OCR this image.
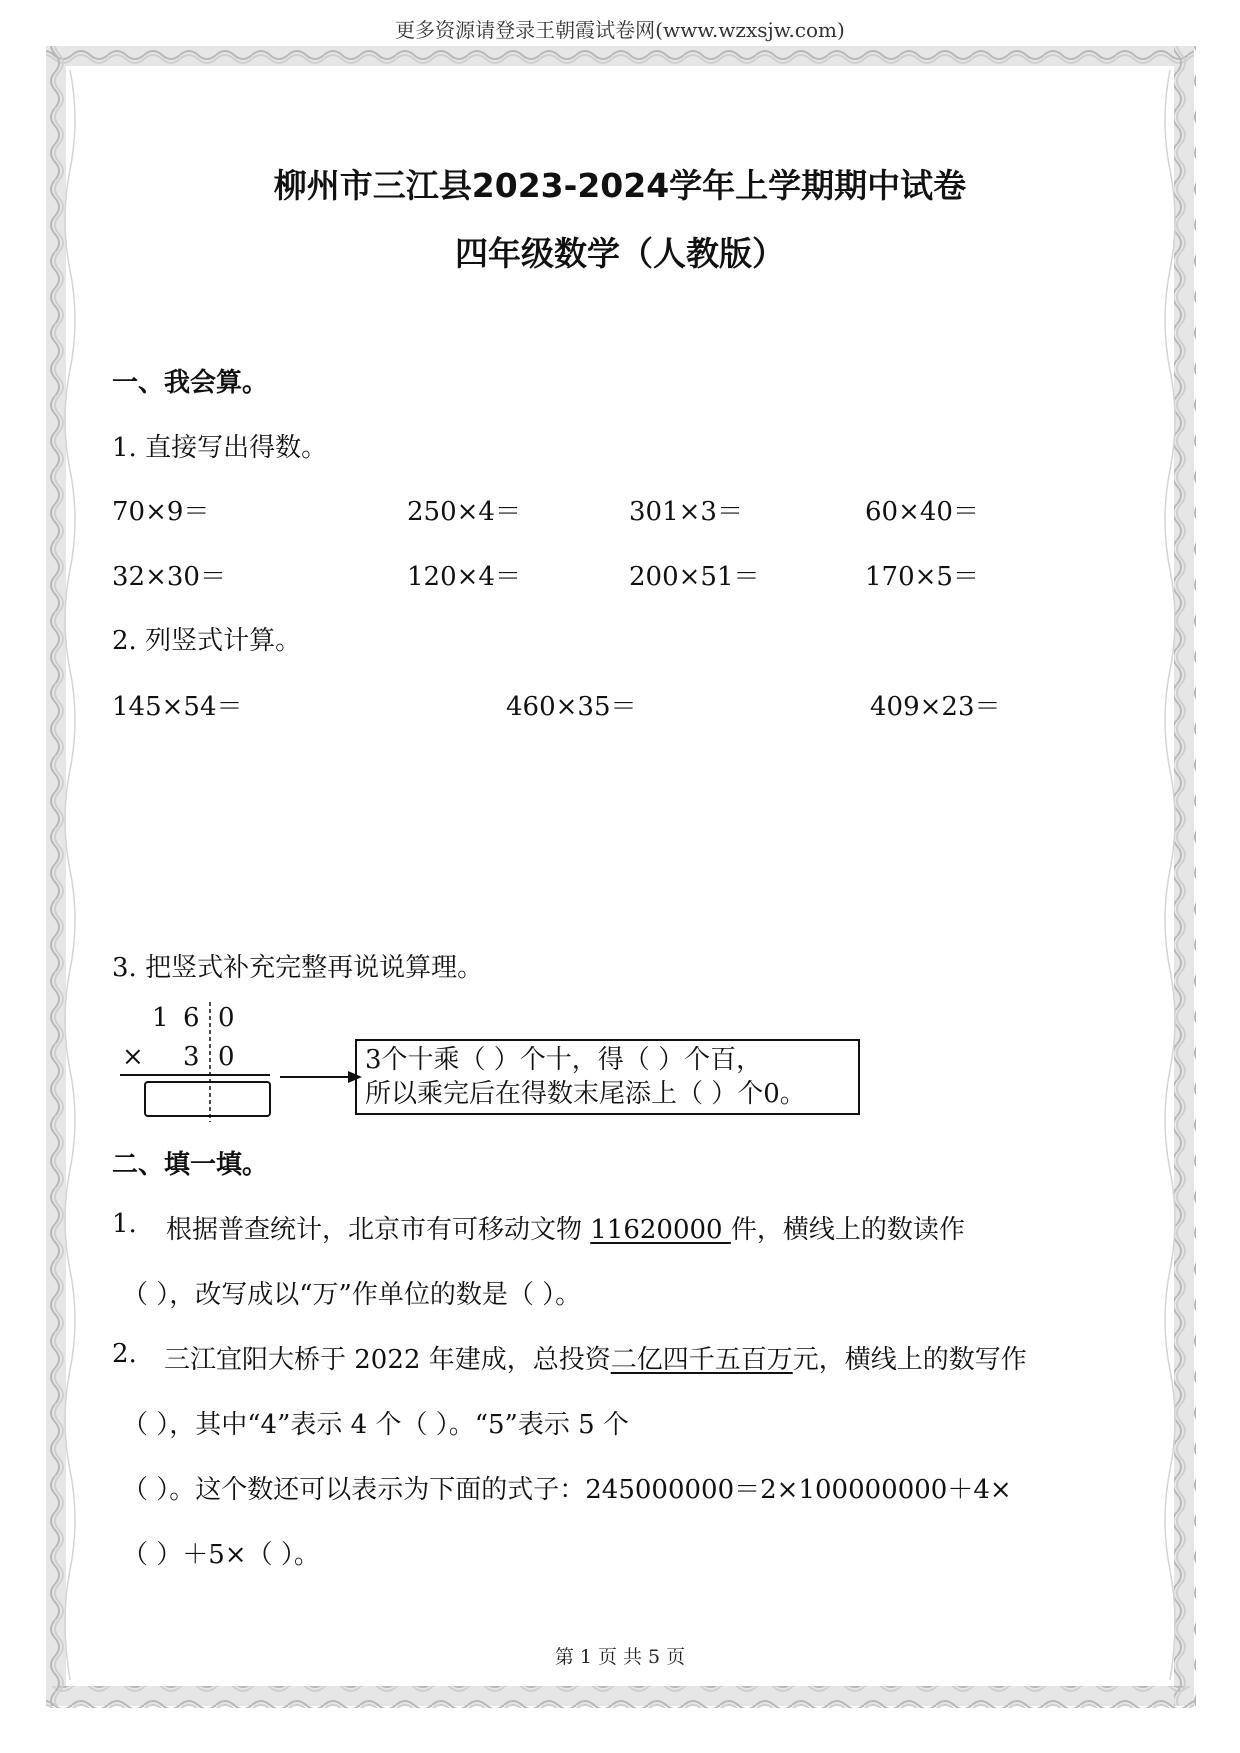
更多资源请登录王朝霞试卷网(www.wzxsjw.com)
柳州市三江县2023-2024学年上学期期中试卷
四年级数学（人教版）
一、我会算。
1. 直接写出得数。
70×9＝	250×4＝	301×3＝	60×40＝
32×30＝	120×4＝	200×51＝	170×5＝
2. 列竖式计算。
145×54＝	460×35＝	409×23＝
3. 把竖式补充完整再说说算理。
1 6 0
× 3 0	3个十乘（ ）个十，得（ ）个百，
所以乘完后在得数末尾添上（ ）个0。
二、填一填。
1. 根据普查统计，北京市有可移动文物 11620000 件，横线上的数读作
（ ），改写成以“万”作单位的数是（ ）。
2. 三江宜阳大桥于 2022 年建成，总投资二亿四千五百万元，横线上的数写作
（ ），其中“4”表示 4 个（ ）。“5”表示 5 个
（ ）。这个数还可以表示为下面的式子：245000000＝2×100000000＋4×
（ ）＋5×（ ）。
第 1 页 共 5 页
